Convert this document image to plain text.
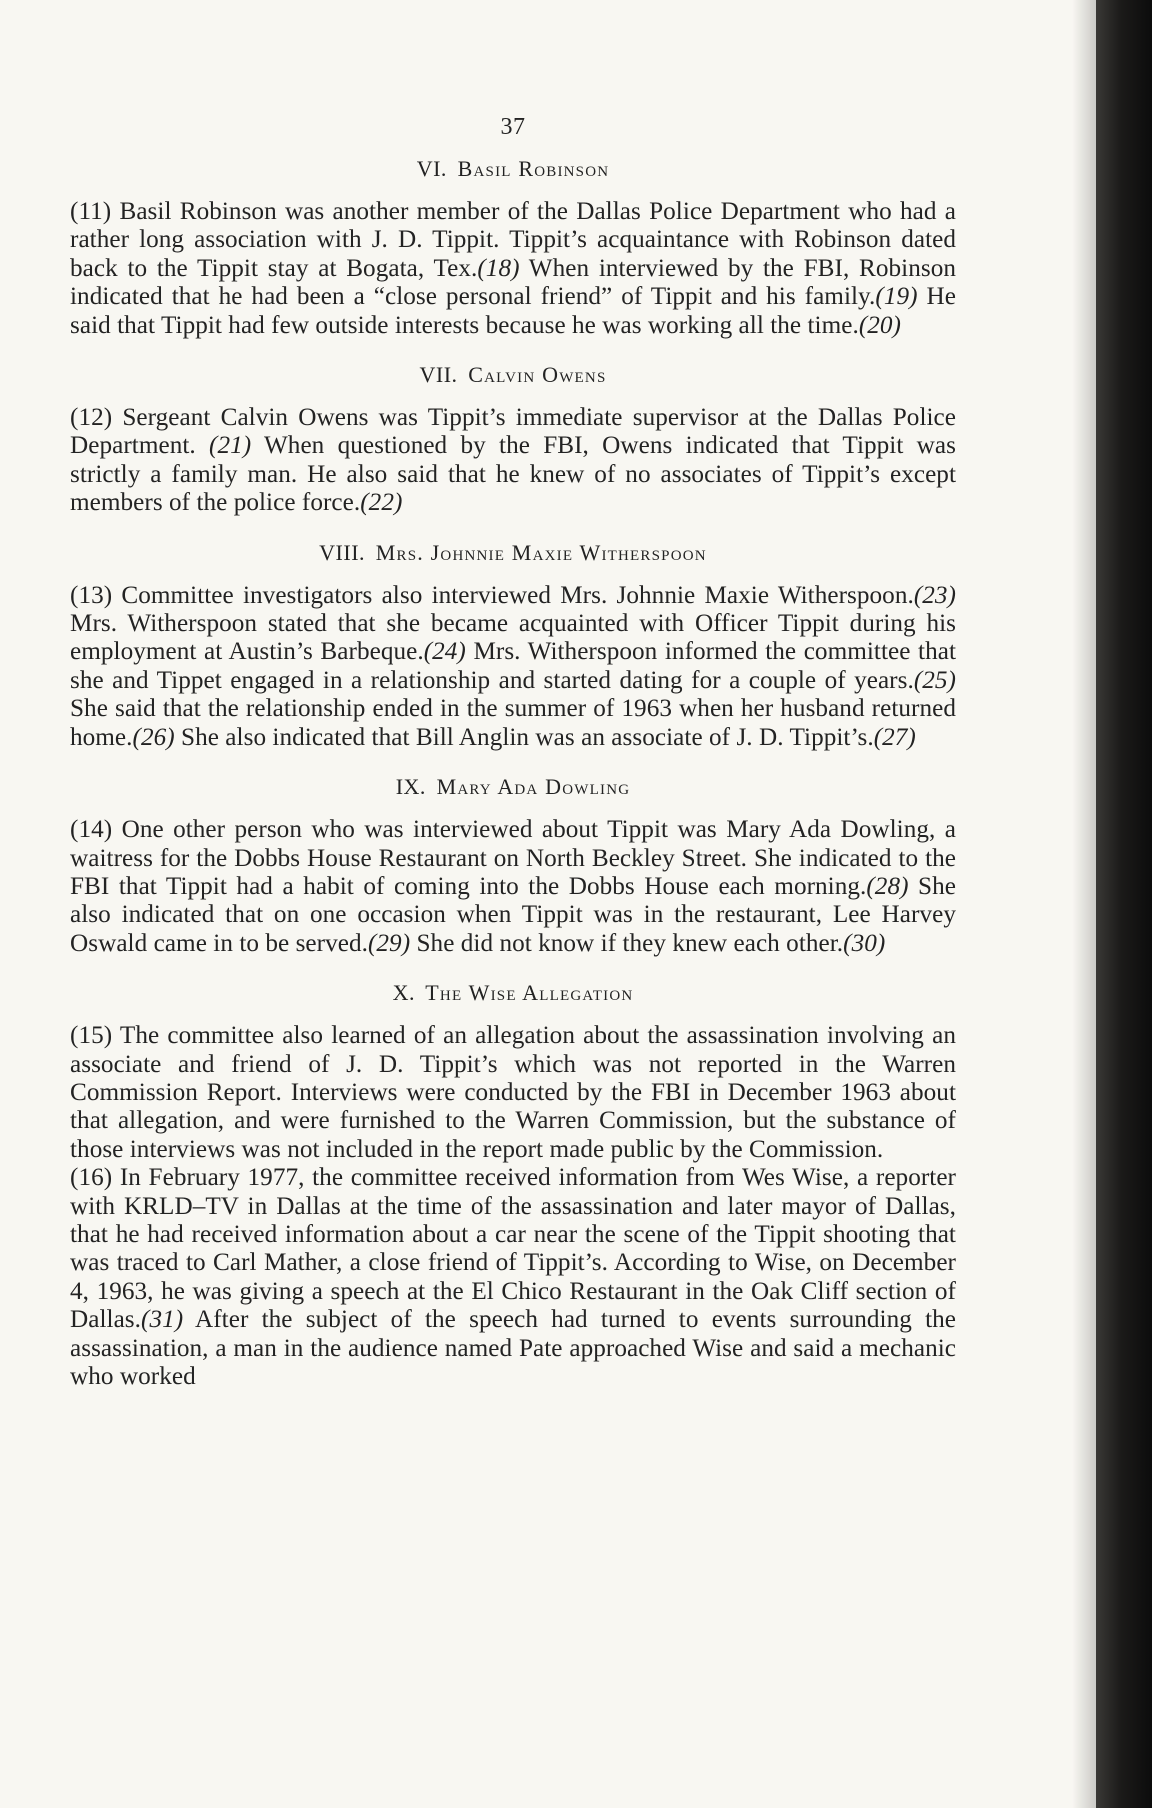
37
VI. Basil Robinson

(11) Basil Robinson was another member of the Dallas Police Department who had a rather long association with J. D. Tippit. Tippit’s acquaintance with Robinson dated back to the Tippit stay at Bogata, Tex.(18) When interviewed by the FBI, Robinson indicated that he had been a “close personal friend” of Tippit and his family.(19) He said that Tippit had few outside interests because he was working all the time.(20)

VII. Calvin Owens

(12) Sergeant Calvin Owens was Tippit’s immediate supervisor at the Dallas Police Department. (21) When questioned by the FBI, Owens indicated that Tippit was strictly a family man. He also said that he knew of no associates of Tippit’s except members of the police force.(22)

VIII. Mrs. Johnnie Maxie Witherspoon

(13) Committee investigators also interviewed Mrs. Johnnie Maxie Witherspoon.(23) Mrs. Witherspoon stated that she became acquainted with Officer Tippit during his employment at Austin’s Barbeque.(24) Mrs. Witherspoon informed the committee that she and Tippet engaged in a relationship and started dating for a couple of years.(25) She said that the relationship ended in the summer of 1963 when her husband returned home.(26) She also indicated that Bill Anglin was an associate of J. D. Tippit’s.(27)

IX. Mary Ada Dowling

(14) One other person who was interviewed about Tippit was Mary Ada Dowling, a waitress for the Dobbs House Restaurant on North Beckley Street. She indicated to the FBI that Tippit had a habit of coming into the Dobbs House each morning.(28) She also indicated that on one occasion when Tippit was in the restaurant, Lee Harvey Oswald came in to be served.(29) She did not know if they knew each other.(30)

X. The Wise Allegation

(15) The committee also learned of an allegation about the assassination involving an associate and friend of J. D. Tippit’s which was not reported in the Warren Commission Report. Interviews were conducted by the FBI in December 1963 about that allegation, and were furnished to the Warren Commission, but the substance of those interviews was not included in the report made public by the Commission.

(16) In February 1977, the committee received information from Wes Wise, a reporter with KRLD–TV in Dallas at the time of the assassination and later mayor of Dallas, that he had received information about a car near the scene of the Tippit shooting that was traced to Carl Mather, a close friend of Tippit’s. According to Wise, on December 4, 1963, he was giving a speech at the El Chico Restaurant in the Oak Cliff section of Dallas.(31) After the subject of the speech had turned to events surrounding the assassination, a man in the audience named Pate approached Wise and said a mechanic who worked
